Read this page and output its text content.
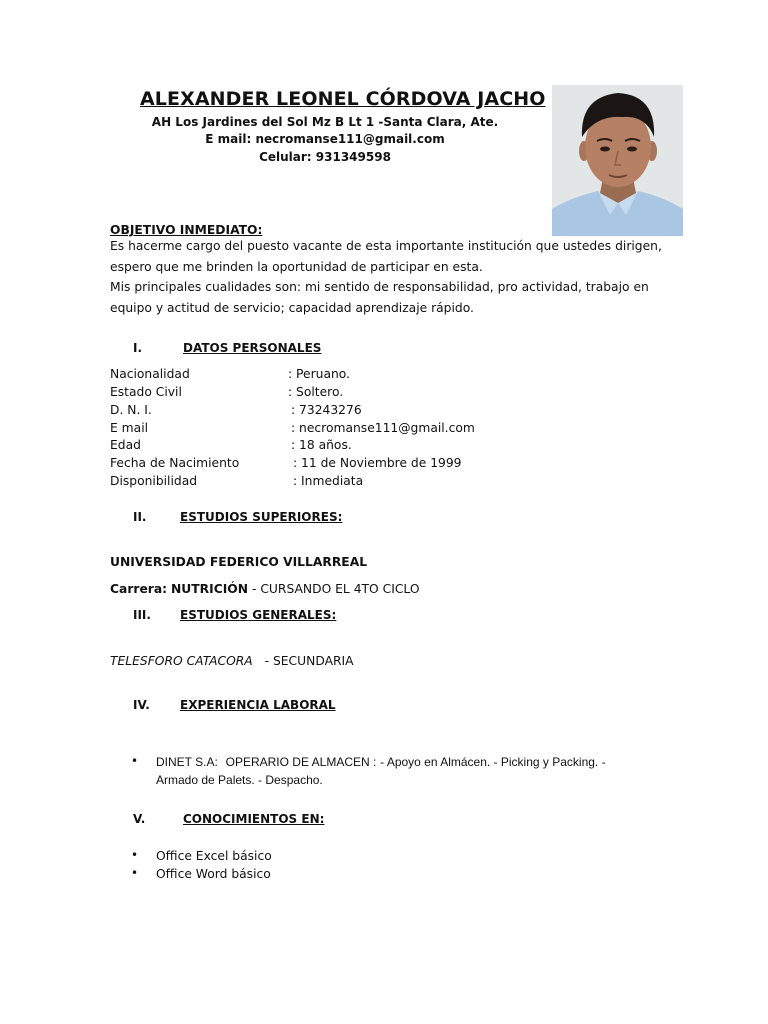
ALEXANDER LEONEL CÓRDOVA JACHO
AH Los Jardines del Sol Mz B Lt 1 -Santa Clara, Ate.
E mail: necromanse111@gmail.com
Celular: 931349598
OBJETIVO INMEDIATO:
Es hacerme cargo del puesto vacante de esta importante institución que ustedes dirigen,
espero que me brinden la oportunidad de participar en esta.
Mis principales cualidades son: mi sentido de responsabilidad, pro actividad, trabajo en
equipo y actitud de servicio; capacidad aprendizaje rápido.
I.	DATOS PERSONALES
Nacionalidad	: Peruano.
Estado Civil	: Soltero.
D. N. I.	: 73243276
E mail	: necromanse111@gmail.com
Edad	: 18 años.
Fecha de Nacimiento	: 11 de Noviembre de 1999
Disponibilidad	: Inmediata
II.	ESTUDIOS SUPERIORES:
UNIVERSIDAD FEDERICO VILLARREAL
Carrera: NUTRICIÓN - CURSANDO EL 4TO CICLO
III. ESTUDIOS GENERALES:
TELESFORO CATACORA - SECUNDARIA
IV.	EXPERIENCIA LABORAL
• DINET S.A: OPERARIO DE ALMACEN : - Apoyo en Almácen. - Picking y Packing. -
Armado de Palets. - Despacho.
V.	CONOCIMIENTOS EN:
• Office Excel básico
• Office Word básico
